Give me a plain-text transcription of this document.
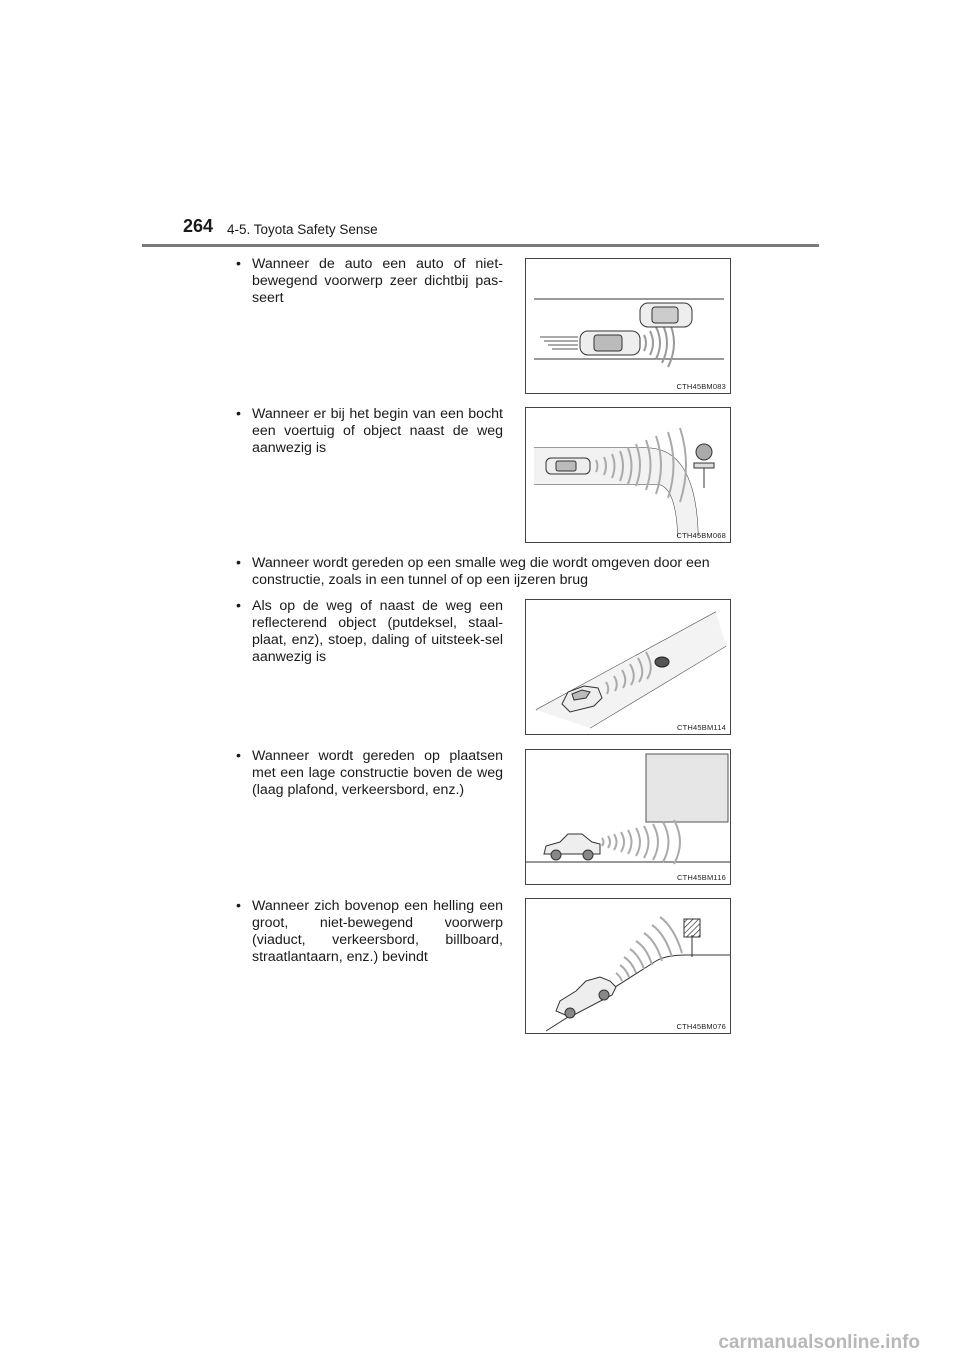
264 4-5. Toyota Safety Sense
• Wanneer de auto een auto of niet-bewegend voorwerp zeer dichtbij pas-seert
CTH45BM083
• Wanneer er bij het begin van een bocht een voertuig of object naast de weg aanwezig is
CTH45BM068
• Wanneer wordt gereden op een smalle weg die wordt omgeven door een constructie, zoals in een tunnel of op een ijzeren brug
• Als op de weg of naast de weg een reflecterend object (putdeksel, staal-plaat, enz), stoep, daling of uitsteek-sel aanwezig is
CTH45BM114
• Wanneer wordt gereden op plaatsen met een lage constructie boven de weg (laag plafond, verkeersbord, enz.)
CTH45BM116
• Wanneer zich bovenop een helling een groot, niet-bewegend voorwerp (viaduct, verkeersbord, billboard, straatlantaarn, enz.) bevindt
CTH45BM076
carmanualsonline.info
